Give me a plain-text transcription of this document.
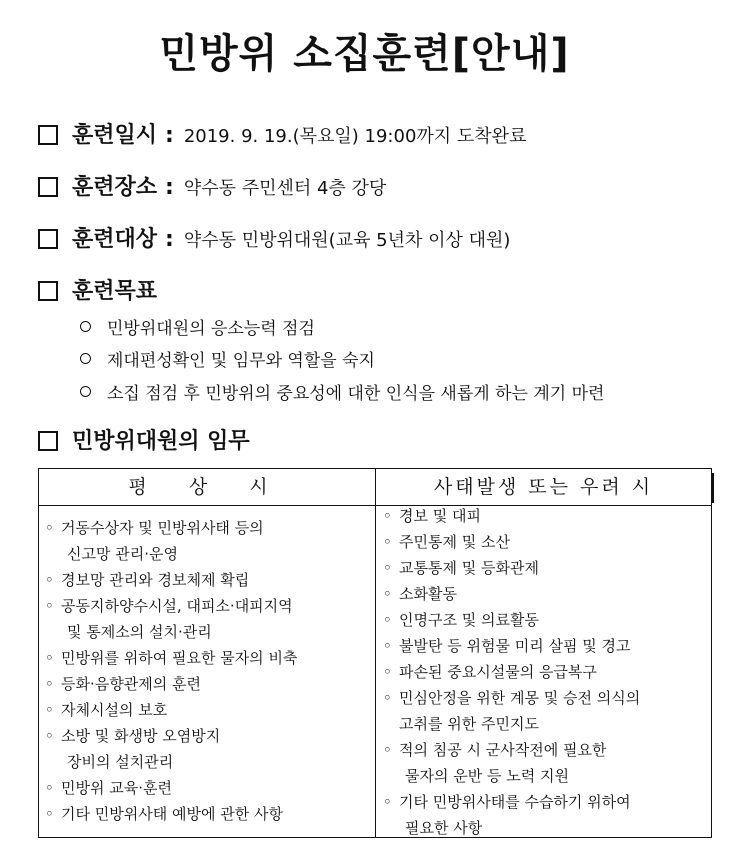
민방위 소집훈련[안내]
훈련일시 : 2019. 9. 19.(목요일) 19:00까지 도착완료
훈련장소 : 약수동 주민센터 4층 강당
훈련대상 : 약수동 민방위대원(교육 5년차 이상 대원)
훈련목표
민방위대원의 응소능력 점검
제대편성확인 및 임무와 역할을 숙지
소집 점검 후 민방위의 중요성에 대한 인식을 새롭게 하는 계기 마련
민방위대원의 임무
평 상 시	사태발생 또는 우려 시
◦ 거동수상자 및 민방위사태 등의
신고망 관리·운영
◦ 경보망 관리와 경보체제 확립
◦ 공동지하양수시설, 대피소·대피지역
및 통제소의 설치·관리
◦ 민방위를 위하여 필요한 물자의 비축
◦ 등화·음향관제의 훈련
◦ 자체시설의 보호
◦ 소방 및 화생방 오염방지
장비의 설치관리
◦ 민방위 교육·훈련
◦ 기타 민방위사태 예방에 관한 사항
◦ 경보 및 대피
◦ 주민통제 및 소산
◦ 교통통제 및 등화관제
◦ 소화활동
◦ 인명구조 및 의료활동
◦ 불발탄 등 위험물 미리 살핌 및 경고
◦ 파손된 중요시설물의 응급복구
◦ 민심안정을 위한 계몽 및 승전 의식의
고취를 위한 주민지도
◦ 적의 침공 시 군사작전에 필요한
물자의 운반 등 노력 지원
◦ 기타 민방위사태를 수습하기 위하여
필요한 사항
